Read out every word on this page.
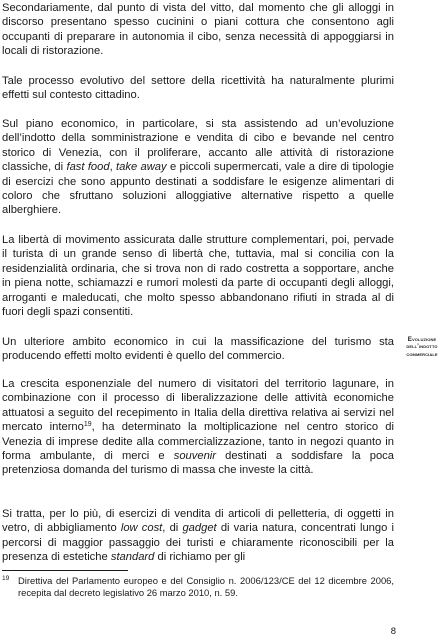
Secondariamente, dal punto di vista del vitto, dal momento che gli alloggi in discorso presentano spesso cucinini o piani cottura che consentono agli occupanti di preparare in autonomia il cibo, senza necessità di appoggiarsi in locali di ristorazione.

Tale processo evolutivo del settore della ricettività ha naturalmente plurimi effetti sul contesto cittadino.

Sul piano economico, in particolare, si sta assistendo ad un’evoluzione dell’indotto della somministrazione e vendita di cibo e bevande nel centro storico di Venezia, con il proliferare, accanto alle attività di ristorazione classiche, di fast food, take away e piccoli supermercati, vale a dire di tipologie di esercizi che sono appunto destinati a soddisfare le esigenze alimentari di coloro che sfruttano soluzioni alloggiative alternative rispetto a quelle alberghiere.

La libertà di movimento assicurata dalle strutture complementari, poi, pervade il turista di un grande senso di libertà che, tuttavia, mal si concilia con la residenzialità ordinaria, che si trova non di rado costretta a sopportare, anche in piena notte, schiamazzi e rumori molesti da parte di occupanti degli alloggi, arroganti e maleducati, che molto spesso abbandonano rifiuti in strada al di fuori degli spazi consentiti.

Un ulteriore ambito economico in cui la massificazione del turismo sta producendo effetti molto evidenti è quello del commercio.

La crescita esponenziale del numero di visitatori del territorio lagunare, in combinazione con il processo di liberalizzazione delle attività economiche attuatosi a seguito del recepimento in Italia della direttiva relativa ai servizi nel mercato interno$^{19}$, ha determinato la moltiplicazione nel centro storico di Venezia di imprese dedite alla commercializzazione, tanto in negozi quanto in forma ambulante, di merci e souvenir destinati a soddisfare la poca pretenziosa domanda del turismo di massa che investe la città.

Si tratta, per lo più, di esercizi di vendita di articoli di pelletteria, di oggetti in vetro, di abbigliamento low cost, di gadget di varia natura, concentrati lungo i percorsi di maggior passaggio dei turisti e chiaramente riconoscibili per la presenza di estetiche standard di richiamo per gli

Evoluzione
dell’indotto
commerciale
19 Direttiva del Parlamento europeo e del Consiglio n. 2006/123/CE del 12 dicembre 2006, recepita dal decreto legislativo 26 marzo 2010, n. 59.
8
